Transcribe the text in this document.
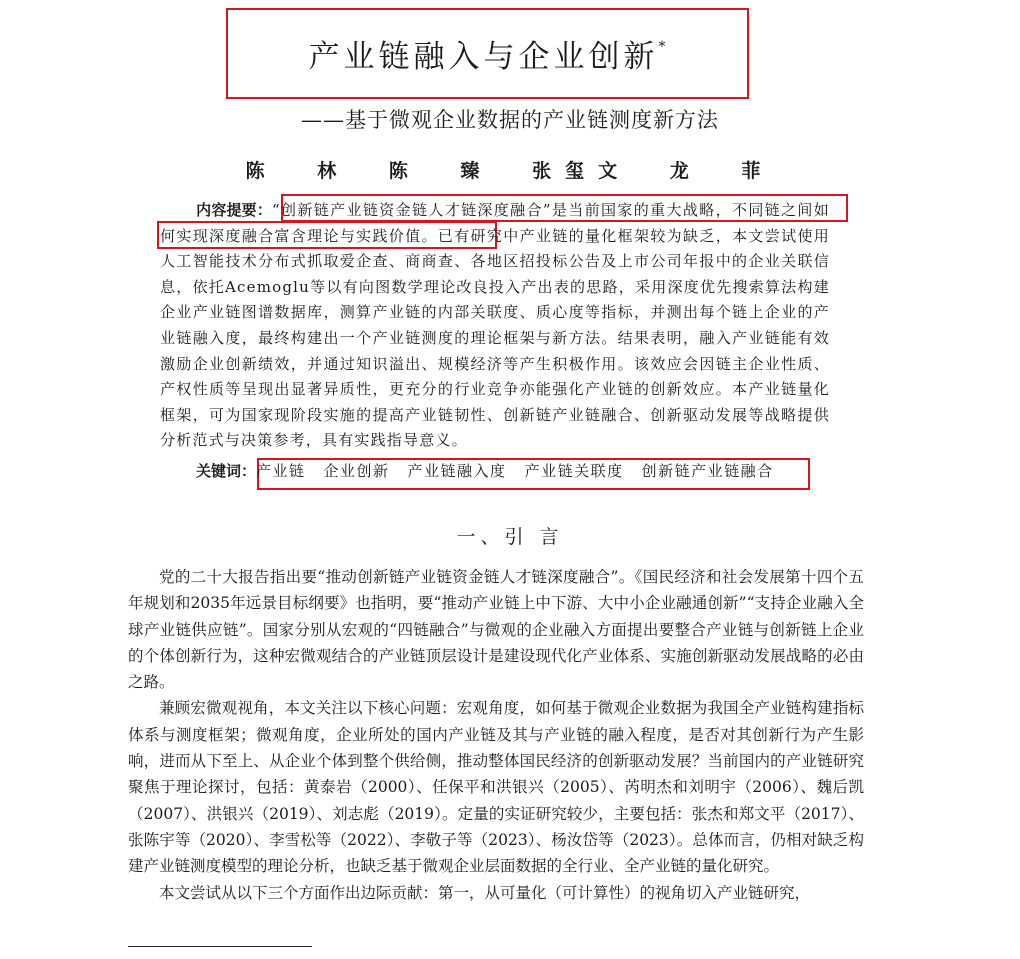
产业链融入与企业创新*
——基于微观企业数据的产业链测度新方法
陈 林 陈 臻 张玺文 龙 菲
内容提要：“创新链产业链资金链人才链深度融合”是当前国家的重大战略，不同链之间如何实现深度融合富含理论与实践价值。已有研究中产业链的量化框架较为缺乏，本文尝试使用人工智能技术分布式抓取爱企查、商商查、各地区招投标公告及上市公司年报中的企业关联信息，依托Acemoglu等以有向图数学理论改良投入产出表的思路，采用深度优先搜索算法构建企业产业链图谱数据库，测算产业链的内部关联度、质心度等指标，并测出每个链上企业的产业链融入度，最终构建出一个产业链测度的理论框架与新方法。结果表明，融入产业链能有效激励企业创新绩效，并通过知识溢出、规模经济等产生积极作用。该效应会因链主企业性质、产权性质等呈现出显著异质性，更充分的行业竞争亦能强化产业链的创新效应。本产业链量化框架，可为国家现阶段实施的提高产业链韧性、创新链产业链融合、创新驱动发展等战略提供分析范式与决策参考，具有实践指导意义。
关键词：产业链 企业创新 产业链融入度 产业链关联度 创新链产业链融合
一、引 言

党的二十大报告指出要“推动创新链产业链资金链人才链深度融合”。《国民经济和社会发展第十四个五年规划和2035年远景目标纲要》也指明，要“推动产业链上中下游、大中小企业融通创新”“支持企业融入全球产业链供应链”。国家分别从宏观的“四链融合”与微观的企业融入方面提出要整合产业链与创新链上企业的个体创新行为，这种宏微观结合的产业链顶层设计是建设现代化产业体系、实施创新驱动发展战略的必由之路。

兼顾宏微观视角，本文关注以下核心问题：宏观角度，如何基于微观企业数据为我国全产业链构建指标体系与测度框架；微观角度，企业所处的国内产业链及其与产业链的融入程度，是否对其创新行为产生影响，进而从下至上、从企业个体到整个供给侧，推动整体国民经济的创新驱动发展？当前国内的产业链研究聚焦于理论探讨，包括：黄泰岩（2000）、任保平和洪银兴（2005）、芮明杰和刘明宇（2006）、魏后凯（2007）、洪银兴（2019）、刘志彪（2019）。定量的实证研究较少，主要包括：张杰和郑文平（2017）、张陈宇等（2020）、李雪松等（2022）、李敬子等（2023）、杨汝岱等（2023）。总体而言，仍相对缺乏构建产业链测度模型的理论分析，也缺乏基于微观企业层面数据的全行业、全产业链的量化研究。

本文尝试从以下三个方面作出边际贡献：第一，从可量化（可计算性）的视角切入产业链研究，
